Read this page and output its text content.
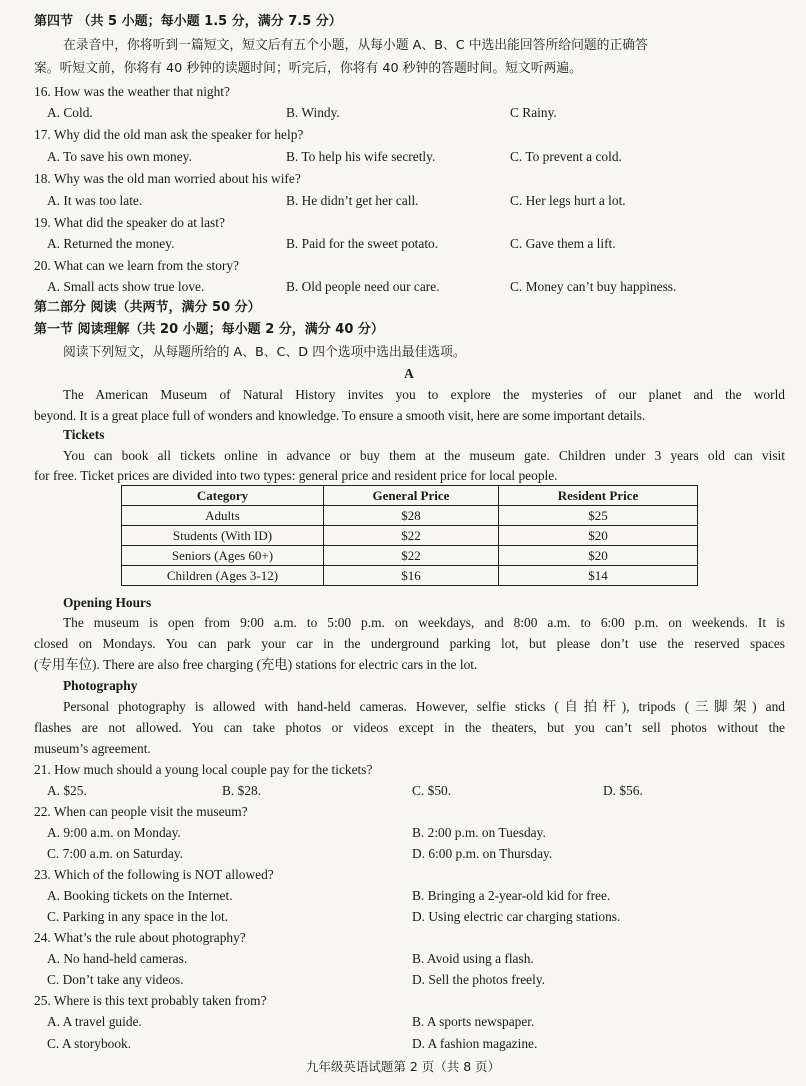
第四节 （共 5 小题；每小题 1.5 分，满分 7.5 分）
在录音中，你将听到一篇短文，短文后有五个小题，从每小题 A、B、C 中选出能回答所给问题的正确答
案。听短文前，你将有 40 秒钟的读题时间；听完后，你将有 40 秒钟的答题时间。短文听两遍。
16. How was the weather that night?
A. Cold.	B. Windy.	C Rainy.
17. Why did the old man ask the speaker for help?
A. To save his own money.	B. To help his wife secretly.	C. To prevent a cold.
18. Why was the old man worried about his wife?
A. It was too late.	B. He didn’t get her call.	C. Her legs hurt a lot.
19. What did the speaker do at last?
A. Returned the money.	B. Paid for the sweet potato.	C. Gave them a lift.
20. What can we learn from the story?
A. Small acts show true love.	B. Old people need our care.	C. Money can’t buy happiness.
第二部分 阅读（共两节，满分 50 分）
第一节 阅读理解（共 20 小题；每小题 2 分，满分 40 分）
阅读下列短文，从每题所给的 A、B、C、D 四个选项中选出最佳选项。
A
The American Museum of Natural History invites you to explore the mysteries of our planet and the world
beyond. It is a great place full of wonders and knowledge. To ensure a smooth visit, here are some important details.
Tickets
You can book all tickets online in advance or buy them at the museum gate. Children under 3 years old can visit
for free. Ticket prices are divided into two types: general price and resident price for local people.
Category	General Price	Resident Price
Adults	$28	$25
Students (With ID)	$22	$20
Seniors (Ages 60+)	$22	$20
Children (Ages 3-12)	$16	$14
Opening Hours
The museum is open from 9:00 a.m. to 5:00 p.m. on weekdays, and 8:00 a.m. to 6:00 p.m. on weekends. It is
closed on Mondays. You can park your car in the underground parking lot, but please don’t use the reserved spaces
(专用车位). There are also free charging (充电) stations for electric cars in the lot.
Photography
Personal photography is allowed with hand-held cameras. However, selfie sticks (自拍杆), tripods (三脚架) and
flashes are not allowed. You can take photos or videos except in the theaters, but you can’t sell photos without the
museum’s agreement.
21. How much should a young local couple pay for the tickets?
A. $25.	B. $28.	C. $50.	D. $56.
22. When can people visit the museum?
A. 9:00 a.m. on Monday.	B. 2:00 p.m. on Tuesday.
C. 7:00 a.m. on Saturday.	D. 6:00 p.m. on Thursday.
23. Which of the following is NOT allowed?
A. Booking tickets on the Internet.	B. Bringing a 2-year-old kid for free.
C. Parking in any space in the lot.	D. Using electric car charging stations.
24. What’s the rule about photography?
A. No hand-held cameras.	B. Avoid using a flash.
C. Don’t take any videos.	D. Sell the photos freely.
25. Where is this text probably taken from?
A. A travel guide.	B. A sports newspaper.
C. A storybook.	D. A fashion magazine.
九年级英语试题第 2 页（共 8 页）
